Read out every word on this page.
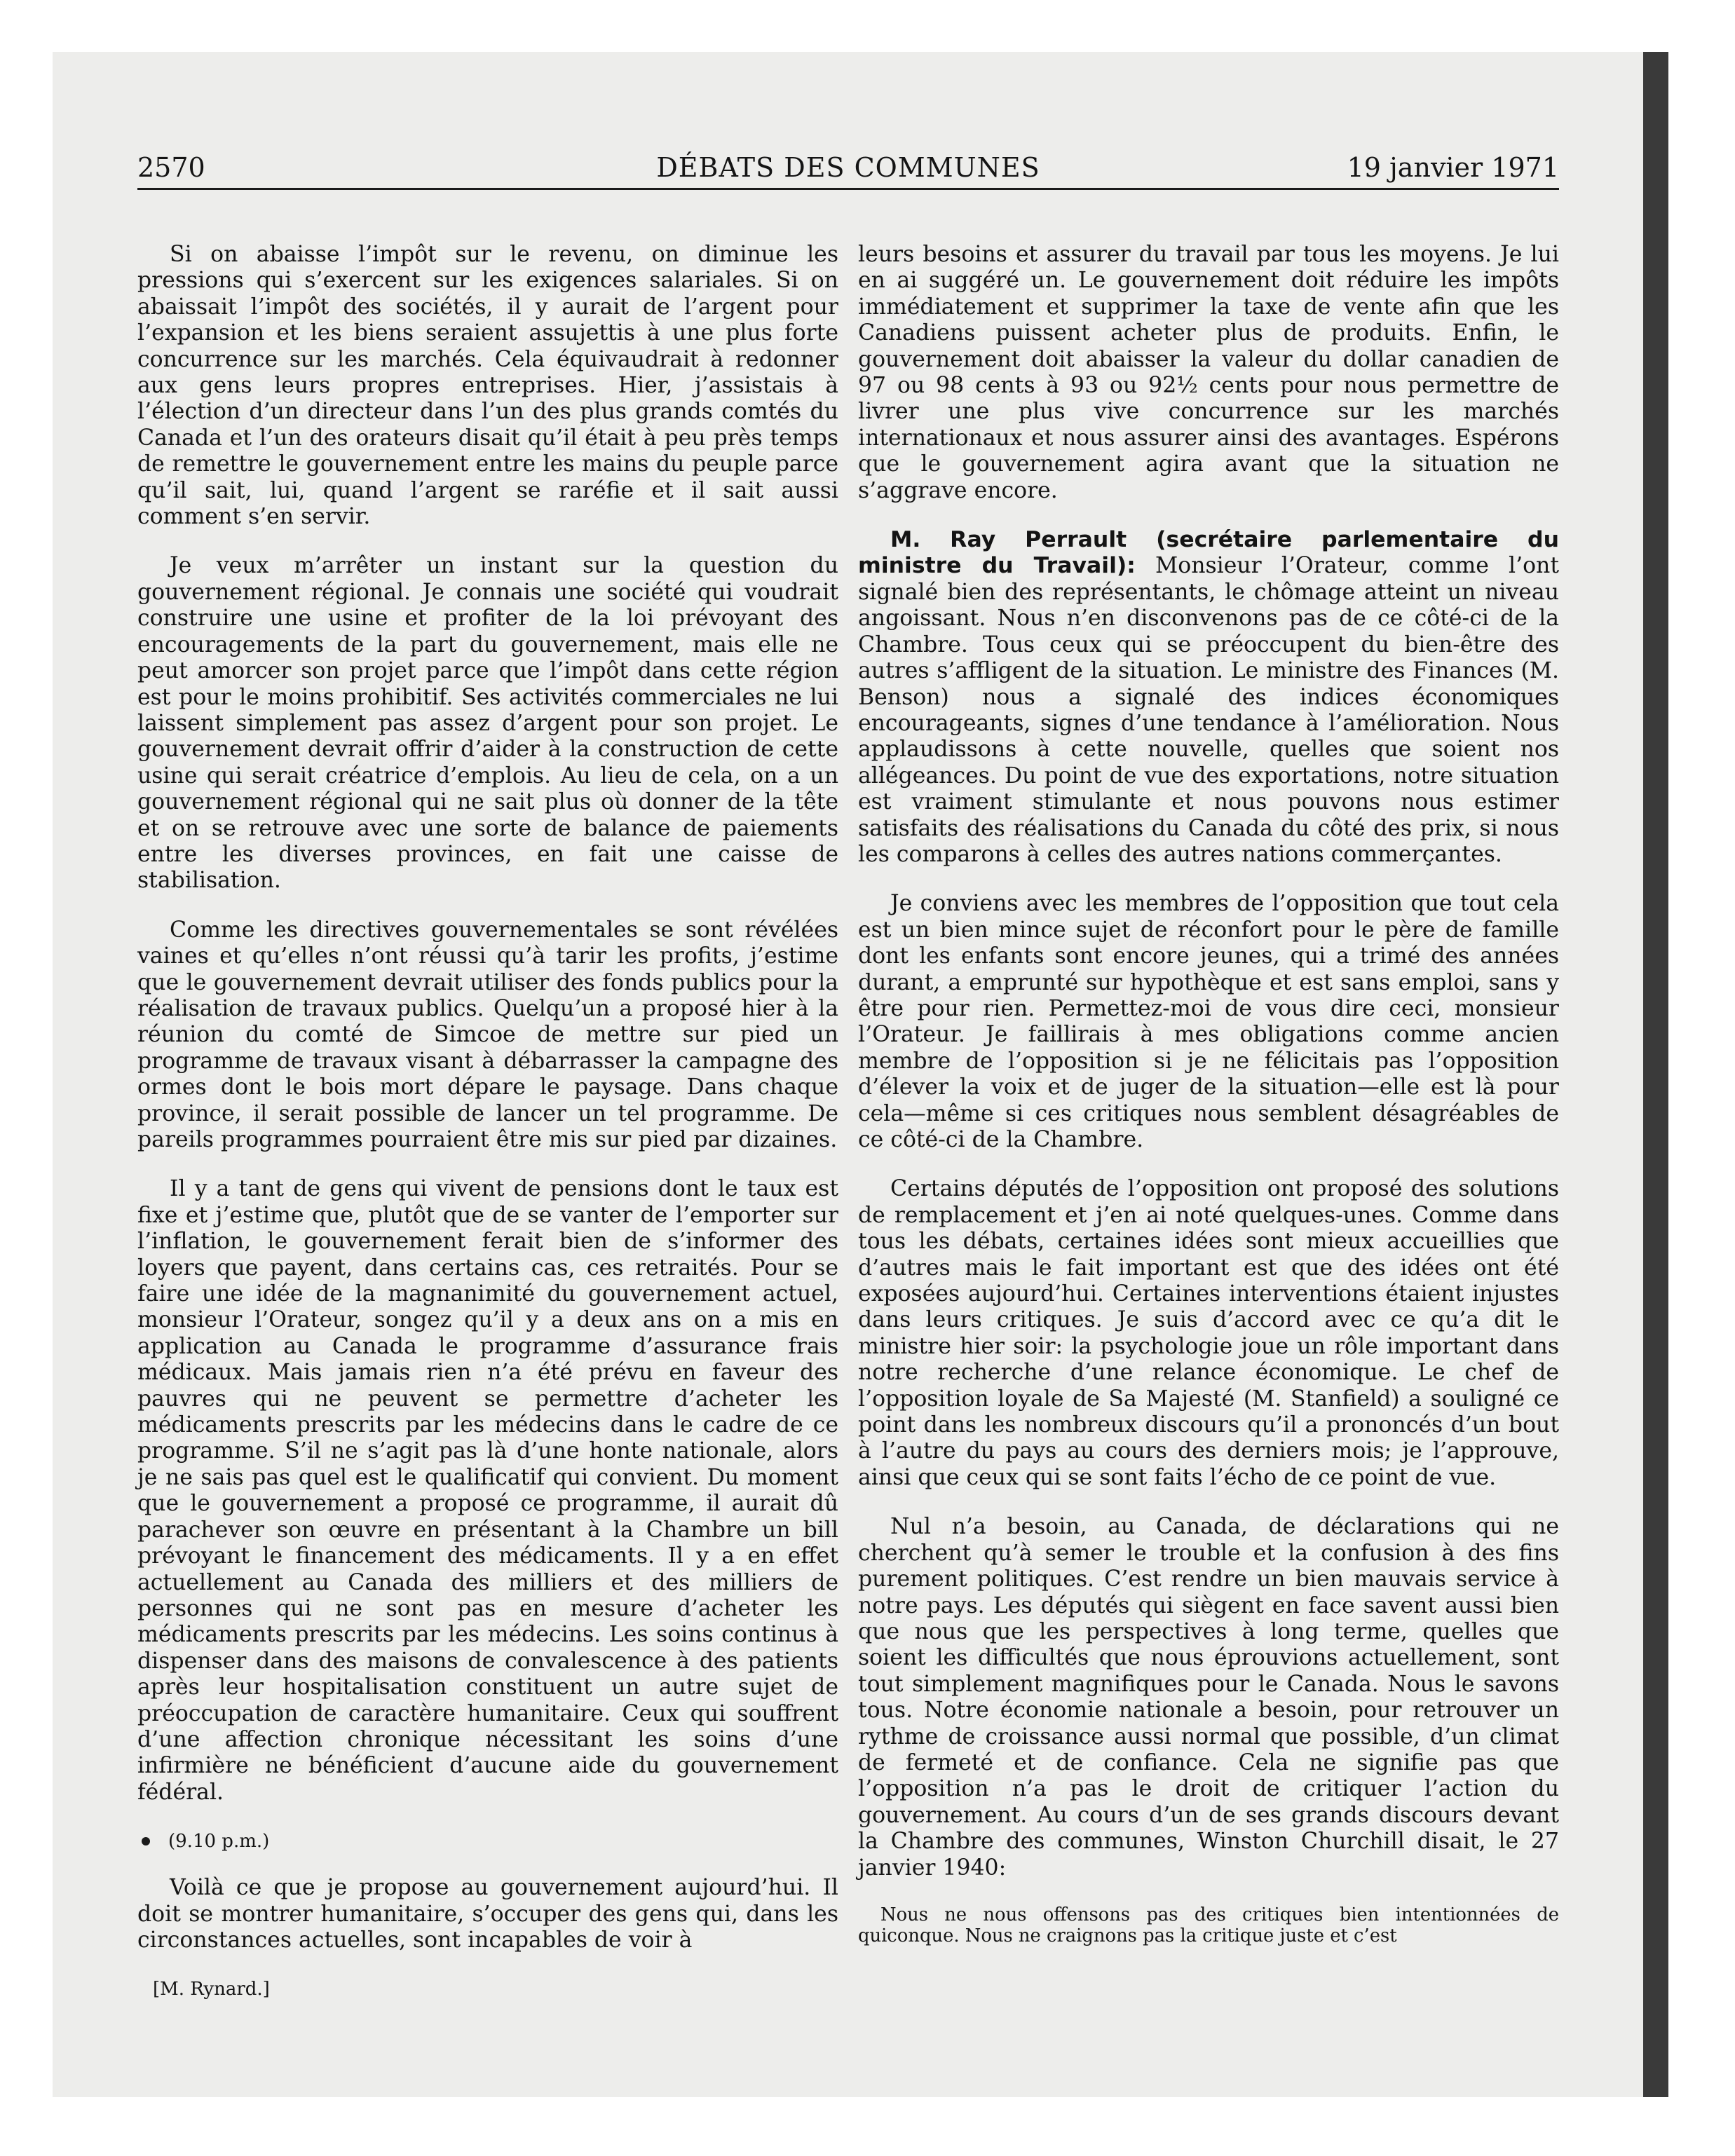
2570	DÉBATS DES COMMUNES	19 janvier 1971

Si on abaisse l’impôt sur le revenu, on diminue les pressions qui s’exercent sur les exigences salariales. Si on abaissait l’impôt des sociétés, il y aurait de l’argent pour l’expansion et les biens seraient assujettis à une plus forte concurrence sur les marchés. Cela équivaudrait à redonner aux gens leurs propres entreprises. Hier, j’assistais à l’élection d’un directeur dans l’un des plus grands comtés du Canada et l’un des orateurs disait qu’il était à peu près temps de remettre le gouvernement entre les mains du peuple parce qu’il sait, lui, quand l’argent se raréfie et il sait aussi comment s’en servir.

Je veux m’arrêter un instant sur la question du gouvernement régional. Je connais une société qui voudrait construire une usine et profiter de la loi prévoyant des encouragements de la part du gouvernement, mais elle ne peut amorcer son projet parce que l’impôt dans cette région est pour le moins prohibitif. Ses activités commerciales ne lui laissent simplement pas assez d’argent pour son projet. Le gouvernement devrait offrir d’aider à la construction de cette usine qui serait créatrice d’emplois. Au lieu de cela, on a un gouvernement régional qui ne sait plus où donner de la tête et on se retrouve avec une sorte de balance de paiements entre les diverses provinces, en fait une caisse de stabilisation.

Comme les directives gouvernementales se sont révélées vaines et qu’elles n’ont réussi qu’à tarir les profits, j’estime que le gouvernement devrait utiliser des fonds publics pour la réalisation de travaux publics. Quelqu’un a proposé hier à la réunion du comté de Simcoe de mettre sur pied un programme de travaux visant à débarrasser la campagne des ormes dont le bois mort dépare le paysage. Dans chaque province, il serait possible de lancer un tel programme. De pareils programmes pourraient être mis sur pied par dizaines.

Il y a tant de gens qui vivent de pensions dont le taux est fixe et j’estime que, plutôt que de se vanter de l’emporter sur l’inflation, le gouvernement ferait bien de s’informer des loyers que payent, dans certains cas, ces retraités. Pour se faire une idée de la magnanimité du gouvernement actuel, monsieur l’Orateur, songez qu’il y a deux ans on a mis en application au Canada le programme d’assurance frais médicaux. Mais jamais rien n’a été prévu en faveur des pauvres qui ne peuvent se permettre d’acheter les médicaments prescrits par les médecins dans le cadre de ce programme. S’il ne s’agit pas là d’une honte nationale, alors je ne sais pas quel est le qualificatif qui convient. Du moment que le gouvernement a proposé ce programme, il aurait dû parachever son œuvre en présentant à la Chambre un bill prévoyant le financement des médicaments. Il y a en effet actuellement au Canada des milliers et des milliers de personnes qui ne sont pas en mesure d’acheter les médicaments prescrits par les médecins. Les soins continus à dispenser dans des maisons de convalescence à des patients après leur hospitalisation constituent un autre sujet de préoccupation de caractère humanitaire. Ceux qui souffrent d’une affection chronique nécessitant les soins d’une infirmière ne bénéficient d’aucune aide du gouvernement fédéral.

(9.10 p.m.)

Voilà ce que je propose au gouvernement aujourd’hui. Il doit se montrer humanitaire, s’occuper des gens qui, dans les circonstances actuelles, sont incapables de voir à

[M. Rynard.]

leurs besoins et assurer du travail par tous les moyens. Je lui en ai suggéré un. Le gouvernement doit réduire les impôts immédiatement et supprimer la taxe de vente afin que les Canadiens puissent acheter plus de produits. Enfin, le gouvernement doit abaisser la valeur du dollar canadien de 97 ou 98 cents à 93 ou 92½ cents pour nous permettre de livrer une plus vive concurrence sur les marchés internationaux et nous assurer ainsi des avantages. Espérons que le gouvernement agira avant que la situation ne s’aggrave encore.

M. Ray Perrault (secrétaire parlementaire du ministre du Travail): Monsieur l’Orateur, comme l’ont signalé bien des représentants, le chômage atteint un niveau angoissant. Nous n’en disconvenons pas de ce côté-ci de la Chambre. Tous ceux qui se préoccupent du bien-être des autres s’affligent de la situation. Le ministre des Finances (M. Benson) nous a signalé des indices économiques encourageants, signes d’une tendance à l’amélioration. Nous applaudissons à cette nouvelle, quelles que soient nos allégeances. Du point de vue des exportations, notre situation est vraiment stimulante et nous pouvons nous estimer satisfaits des réalisations du Canada du côté des prix, si nous les comparons à celles des autres nations commerçantes.

Je conviens avec les membres de l’opposition que tout cela est un bien mince sujet de réconfort pour le père de famille dont les enfants sont encore jeunes, qui a trimé des années durant, a emprunté sur hypothèque et est sans emploi, sans y être pour rien. Permettez-moi de vous dire ceci, monsieur l’Orateur. Je faillirais à mes obligations comme ancien membre de l’opposition si je ne félicitais pas l’opposition d’élever la voix et de juger de la situation—elle est là pour cela—même si ces critiques nous semblent désagréables de ce côté-ci de la Chambre.

Certains députés de l’opposition ont proposé des solutions de remplacement et j’en ai noté quelques-unes. Comme dans tous les débats, certaines idées sont mieux accueillies que d’autres mais le fait important est que des idées ont été exposées aujourd’hui. Certaines interventions étaient injustes dans leurs critiques. Je suis d’accord avec ce qu’a dit le ministre hier soir: la psychologie joue un rôle important dans notre recherche d’une relance économique. Le chef de l’opposition loyale de Sa Majesté (M. Stanfield) a souligné ce point dans les nombreux discours qu’il a prononcés d’un bout à l’autre du pays au cours des derniers mois; je l’approuve, ainsi que ceux qui se sont faits l’écho de ce point de vue.

Nul n’a besoin, au Canada, de déclarations qui ne cherchent qu’à semer le trouble et la confusion à des fins purement politiques. C’est rendre un bien mauvais service à notre pays. Les députés qui siègent en face savent aussi bien que nous que les perspectives à long terme, quelles que soient les difficultés que nous éprouvions actuellement, sont tout simplement magnifiques pour le Canada. Nous le savons tous. Notre économie nationale a besoin, pour retrouver un rythme de croissance aussi normal que possible, d’un climat de fermeté et de confiance. Cela ne signifie pas que l’opposition n’a pas le droit de critiquer l’action du gouvernement. Au cours d’un de ses grands discours devant la Chambre des communes, Winston Churchill disait, le 27 janvier 1940:

Nous ne nous offensons pas des critiques bien intentionnées de quiconque. Nous ne craignons pas la critique juste et c’est
